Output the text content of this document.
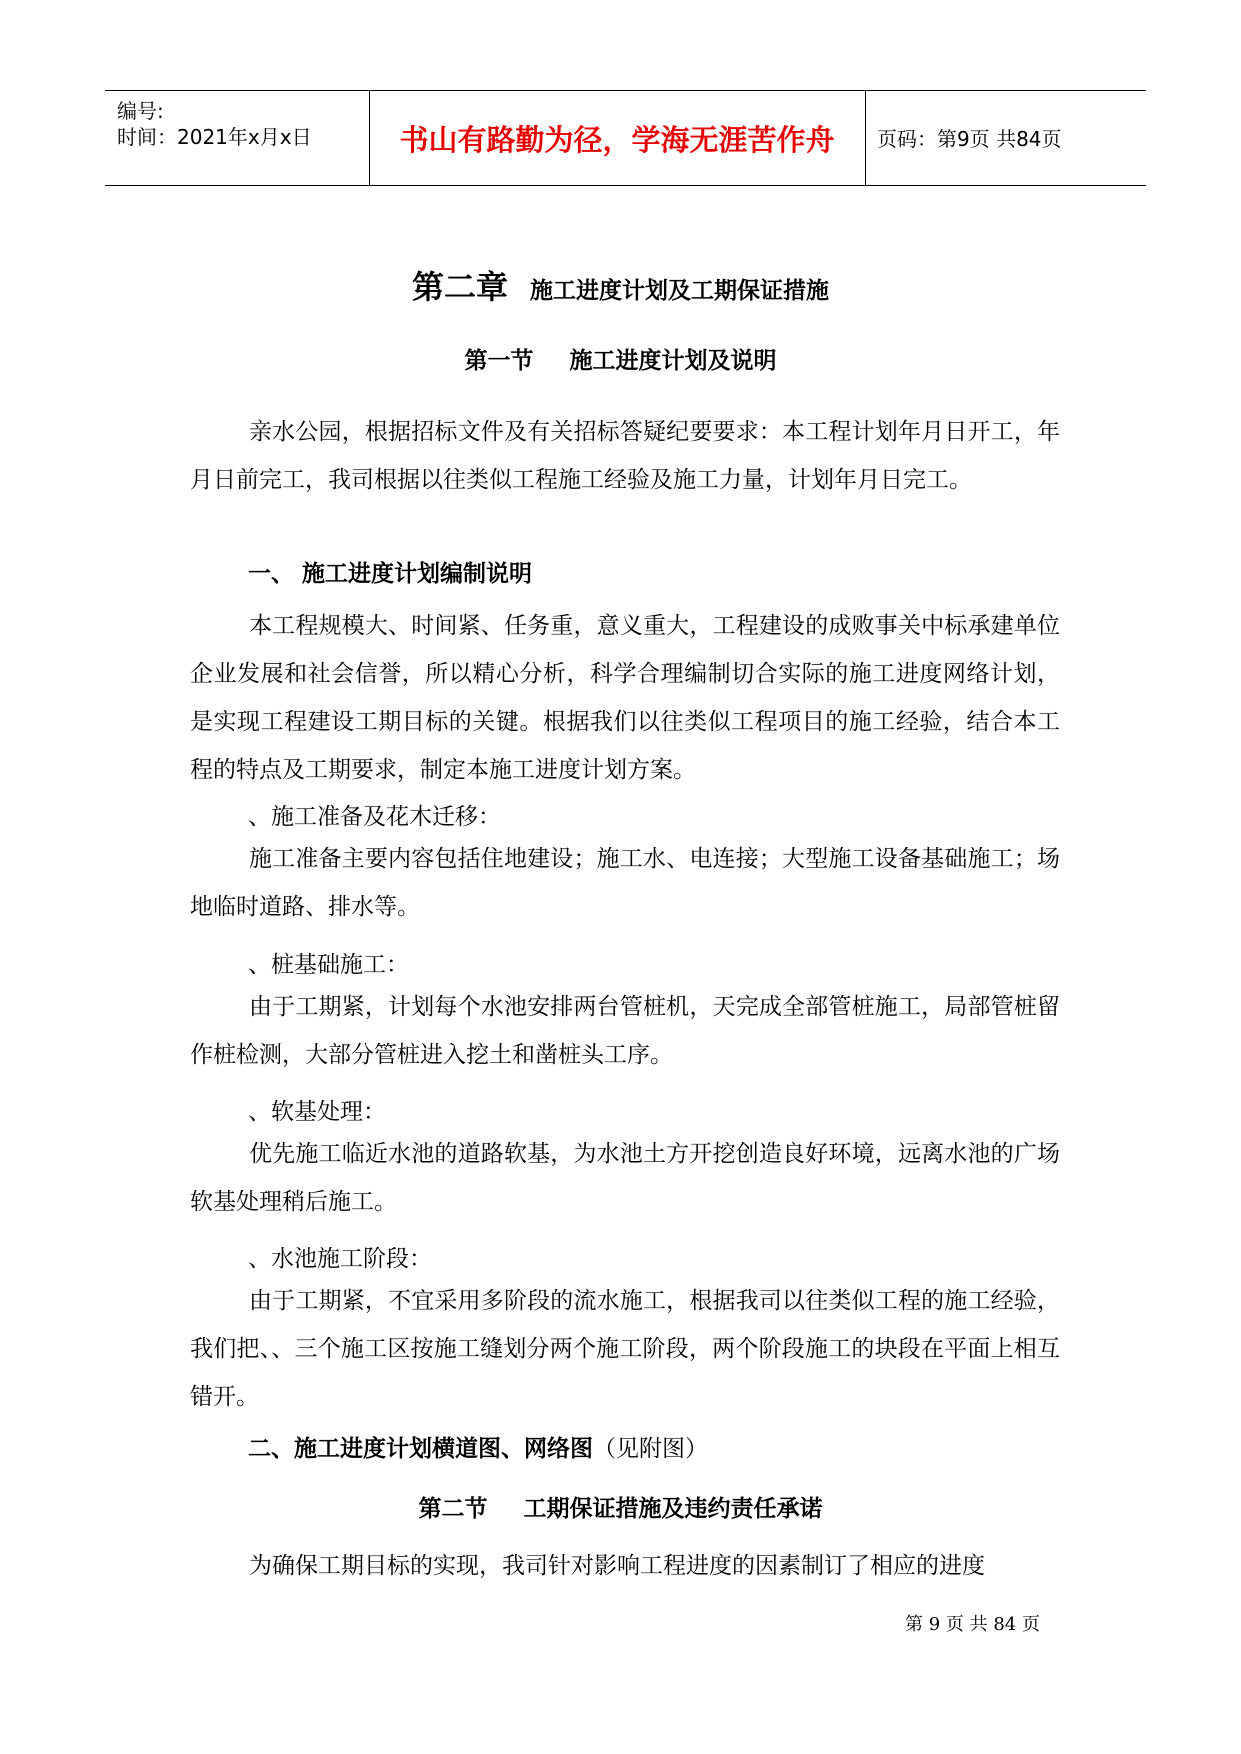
编号:
时间：2021年x月x日	书山有路勤为径，学海无涯苦作舟	页码：第9页 共84页
第二章 施工进度计划及工期保证措施
第一节 施工进度计划及说明
亲水公园，根据招标文件及有关招标答疑纪要要求：本工程计划年月日开工，年月日前完工，我司根据以往类似工程施工经验及施工力量，计划年月日完工。
一、 施工进度计划编制说明
本工程规模大、时间紧、任务重，意义重大，工程建设的成败事关中标承建单位企业发展和社会信誉，所以精心分析，科学合理编制切合实际的施工进度网络计划，是实现工程建设工期目标的关键。根据我们以往类似工程项目的施工经验，结合本工程的特点及工期要求，制定本施工进度计划方案。
、施工准备及花木迁移：
施工准备主要内容包括住地建设；施工水、电连接；大型施工设备基础施工；场地临时道路、排水等。
、桩基础施工：
由于工期紧，计划每个水池安排两台管桩机，天完成全部管桩施工，局部管桩留作桩检测，大部分管桩进入挖土和凿桩头工序。
、软基处理：
优先施工临近水池的道路软基，为水池土方开挖创造良好环境，远离水池的广场软基处理稍后施工。
、水池施工阶段：
由于工期紧，不宜采用多阶段的流水施工，根据我司以往类似工程的施工经验，我们把、、三个施工区按施工缝划分两个施工阶段，两个阶段施工的块段在平面上相互错开。
二、施工进度计划横道图、网络图（见附图）
第二节 工期保证措施及违约责任承诺
为确保工期目标的实现，我司针对影响工程进度的因素制订了相应的进度
第 9 页 共 84 页
